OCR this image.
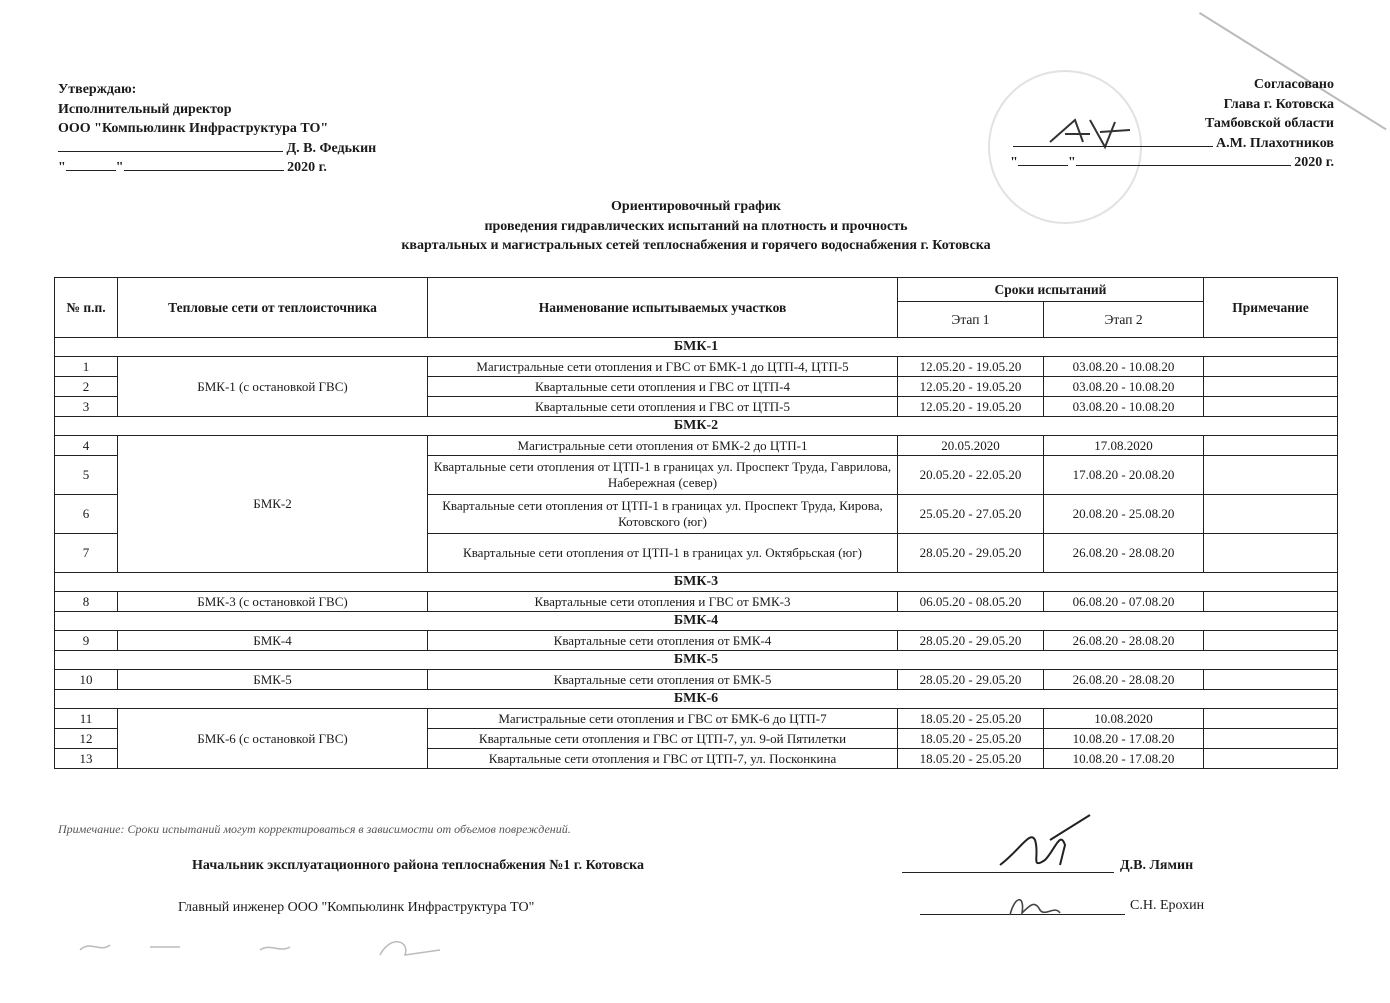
Утверждаю:
Исполнительный директор
ООО "Компьюлинк Инфраструктура ТО"
Д. В. Федькин
"	"	2020 г.
Согласовано
Глава г. Котовска
Тамбовской области
А.М. Плахотников
"	"	2020 г.
Ориентировочный график
проведения гидравлических испытаний на плотность и прочность
квартальных и магистральных сетей теплоснабжения и горячего водоснабжения г. Котовска
№ п.п.	Тепловые сети от теплоисточника	Наименование испытываемых участков	Сроки испытаний		Примечание
			Этап 1	Этап 2	
БМК-1					
1	БМК-1 (с остановкой ГВС)	Магистральные сети отопления и ГВС от БМК-1 до ЦТП-4, ЦТП-5	12.05.20 - 19.05.20	03.08.20 - 10.08.20	
2		Квартальные сети отопления и ГВС от ЦТП-4	12.05.20 - 19.05.20	03.08.20 - 10.08.20	
3		Квартальные сети отопления и ГВС от ЦТП-5	12.05.20 - 19.05.20	03.08.20 - 10.08.20	
БМК-2					
4	БМК-2	Магистральные сети отопления от БМК-2 до ЦТП-1	20.05.2020	17.08.2020	
5		Квартальные сети отопления от ЦТП-1 в границах ул. Проспект Труда, Гаврилова, Набережная (север)	20.05.20 - 22.05.20	17.08.20 - 20.08.20	
6		Квартальные сети отопления от ЦТП-1 в границах ул. Проспект Труда, Кирова, Котовского (юг)	25.05.20 - 27.05.20	20.08.20 - 25.08.20	
7		Квартальные сети отопления от ЦТП-1 в границах ул. Октябрьская (юг)	28.05.20 - 29.05.20	26.08.20 - 28.08.20	
БМК-3					
8	БМК-3 (с остановкой ГВС)	Квартальные сети отопления и ГВС от БМК-3	06.05.20 - 08.05.20	06.08.20 - 07.08.20	
БМК-4					
9	БМК-4	Квартальные сети отопления от БМК-4	28.05.20 - 29.05.20	26.08.20 - 28.08.20	
БМК-5					
10	БМК-5	Квартальные сети отопления от БМК-5	28.05.20 - 29.05.20	26.08.20 - 28.08.20	
БМК-6					
11	БМК-6 (с остановкой ГВС)	Магистральные сети отопления и ГВС от БМК-6 до ЦТП-7	18.05.20 - 25.05.20	10.08.2020	
12		Квартальные сети отопления и ГВС от ЦТП-7, ул. 9-ой Пятилетки	18.05.20 - 25.05.20	10.08.20 - 17.08.20	
13		Квартальные сети отопления и ГВС от ЦТП-7, ул. Посконкина	18.05.20 - 25.05.20	10.08.20 - 17.08.20	
Примечание: Сроки испытаний могут корректироваться в зависимости от объемов повреждений.
Начальник эксплуатационного района теплоснабжения №1 г. Котовска	Д.В. Лямин
Главный инженер ООО "Компьюлинк Инфраструктура ТО"	С.Н. Ерохин
